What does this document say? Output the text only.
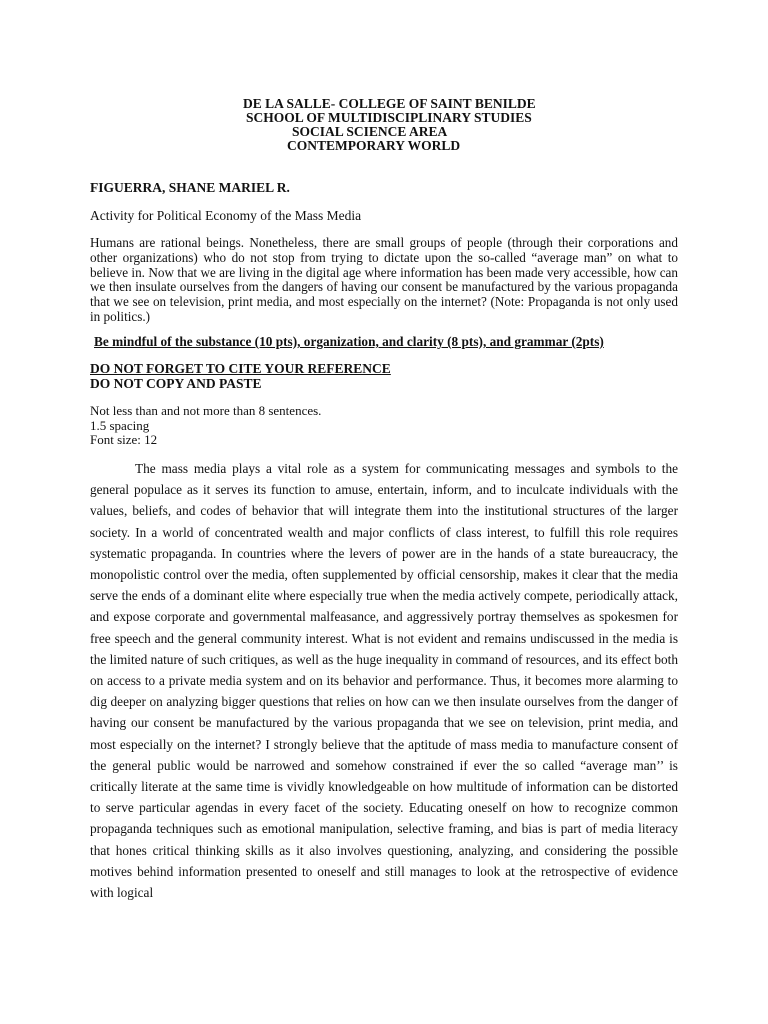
DE LA SALLE- COLLEGE OF SAINT BENILDE
SCHOOL OF MULTIDISCIPLINARY STUDIES
SOCIAL SCIENCE AREA
CONTEMPORARY WORLD
FIGUERRA, SHANE MARIEL R.
Activity for Political Economy of the Mass Media

Humans are rational beings. Nonetheless, there are small groups of people (through their corporations and other organizations) who do not stop from trying to dictate upon the so-called “average man” on what to believe in. Now that we are living in the digital age where information has been made very accessible, how can we then insulate ourselves from the dangers of having our consent be manufactured by the various propaganda that we see on television, print media, and most especially on the internet? (Note: Propaganda is not only used in politics.)

Be mindful of the substance (10 pts), organization, and clarity (8 pts), and grammar (2pts)
DO NOT FORGET TO CITE YOUR REFERENCE
DO NOT COPY AND PASTE
Not less than and not more than 8 sentences.
1.5 spacing
Font size: 12

The mass media plays a vital role as a system for communicating messages and symbols to the general populace as it serves its function to amuse, entertain, inform, and to inculcate individuals with the values, beliefs, and codes of behavior that will integrate them into the institutional structures of the larger society. In a world of concentrated wealth and major conflicts of class interest, to fulfill this role requires systematic propaganda. In countries where the levers of power are in the hands of a state bureaucracy, the monopolistic control over the media, often supplemented by official censorship, makes it clear that the media serve the ends of a dominant elite where especially true when the media actively compete, periodically attack, and expose corporate and governmental malfeasance, and aggressively portray themselves as spokesmen for free speech and the general community interest. What is not evident and remains undiscussed in the media is the limited nature of such critiques, as well as the huge inequality in command of resources, and its effect both on access to a private media system and on its behavior and performance. Thus, it becomes more alarming to dig deeper on analyzing bigger questions that relies on how can we then insulate ourselves from the danger of having our consent be manufactured by the various propaganda that we see on television, print media, and most especially on the internet? I strongly believe that the aptitude of mass media to manufacture consent of the general public would be narrowed and somehow constrained if ever the so called “average man’’ is critically literate at the same time is vividly knowledgeable on how multitude of information can be distorted to serve particular agendas in every facet of the society. Educating oneself on how to recognize common propaganda techniques such as emotional manipulation, selective framing, and bias is part of media literacy that hones critical thinking skills as it also involves questioning, analyzing, and considering the possible motives behind information presented to oneself and still manages to look at the retrospective of evidence with logical
